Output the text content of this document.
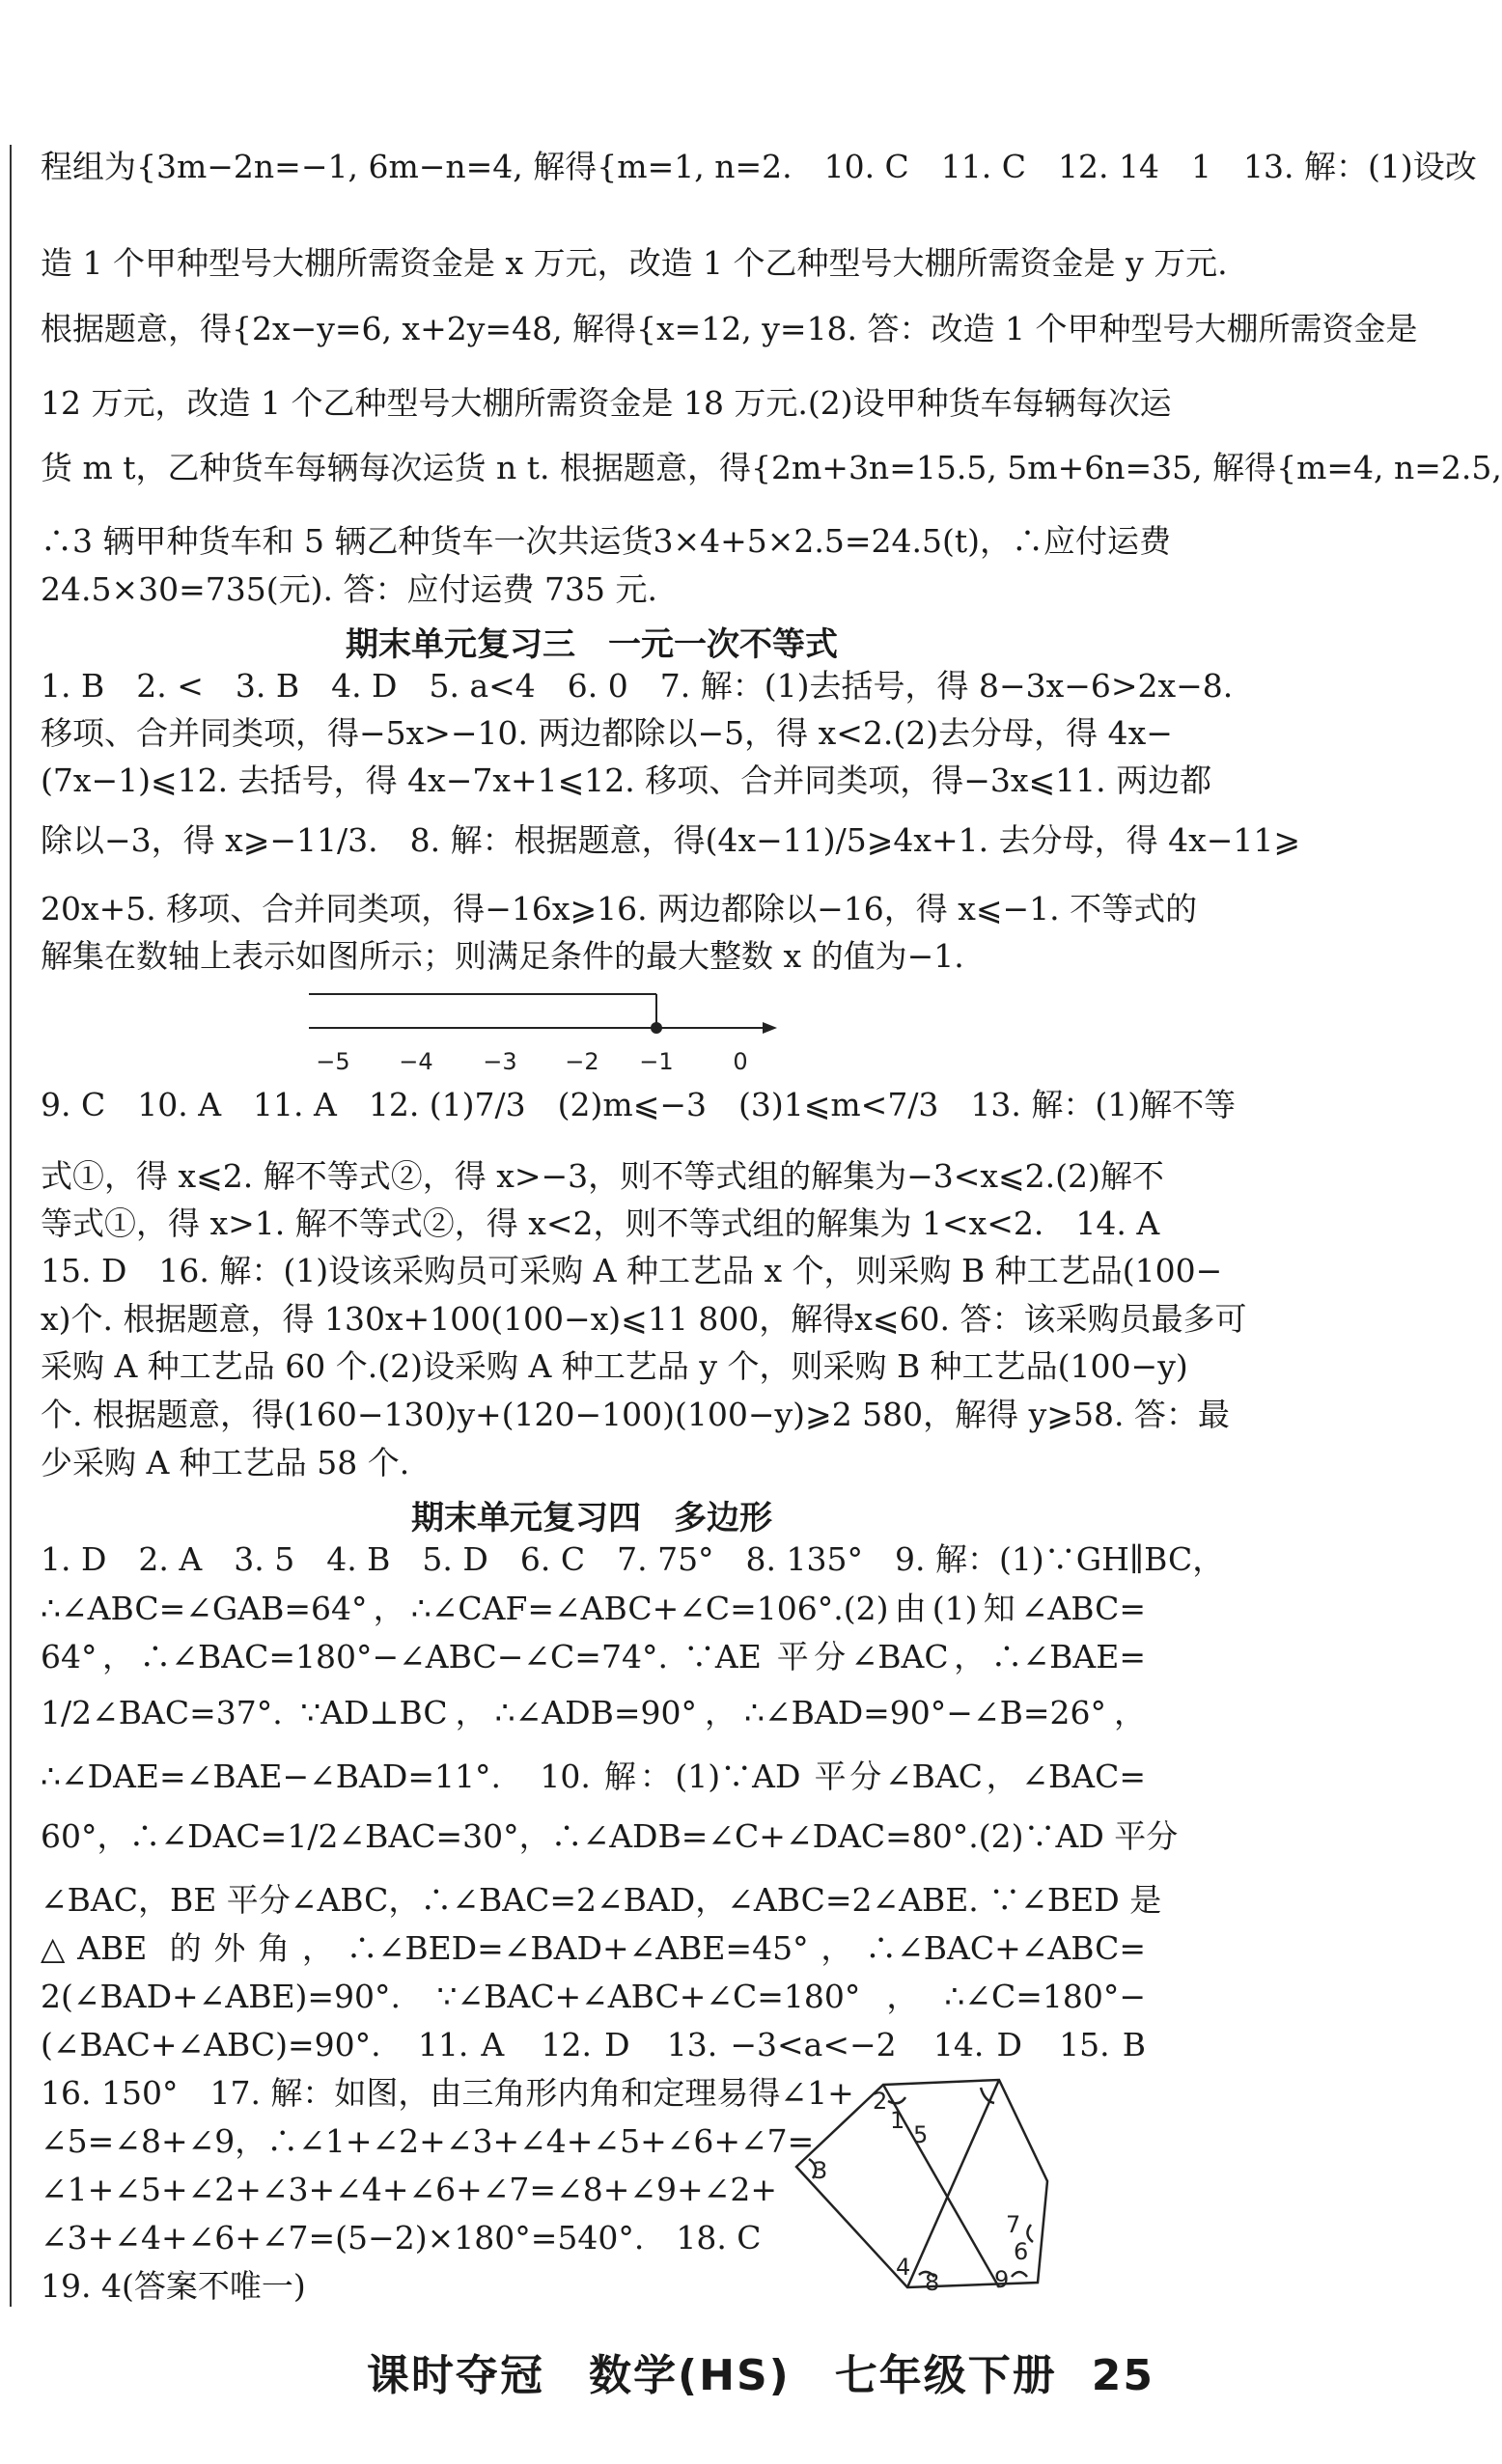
程组为{3m−2n=−1, 6m−n=4, 解得{m=1, n=2.　10. C　11. C　12. 14　1　13. 解：(1)设改
造 1 个甲种型号大棚所需资金是 x 万元，改造 1 个乙种型号大棚所需资金是 y 万元.
根据题意，得{2x−y=6, x+2y=48, 解得{x=12, y=18. 答：改造 1 个甲种型号大棚所需资金是
12 万元，改造 1 个乙种型号大棚所需资金是 18 万元.(2)设甲种货车每辆每次运
货 m t，乙种货车每辆每次运货 n t. 根据题意，得{2m+3n=15.5, 5m+6n=35, 解得{m=4, n=2.5,
∴3 辆甲种货车和 5 辆乙种货车一次共运货3×4+5×2.5=24.5(t)，∴应付运费
24.5×30=735(元). 答：应付运费 735 元.
期末单元复习三　一元一次不等式
1. B　2. <　3. B　4. D　5. a<4　6. 0　7. 解：(1)去括号，得 8−3x−6>2x−8.
移项、合并同类项，得−5x>−10. 两边都除以−5，得 x<2.(2)去分母，得 4x−
(7x−1)⩽12. 去括号，得 4x−7x+1⩽12. 移项、合并同类项，得−3x⩽11. 两边都
除以−3，得 x⩾−11/3.　8. 解：根据题意，得(4x−11)/5⩾4x+1. 去分母，得 4x−11⩾
20x+5. 移项、合并同类项，得−16x⩾16. 两边都除以−16，得 x⩽−1. 不等式的
解集在数轴上表示如图所示；则满足条件的最大整数 x 的值为−1.
−5 −4 −3 −2 −1	0
9. C　10. A　11. A　12. (1)7/3　(2)m⩽−3　(3)1⩽m<7/3　13. 解：(1)解不等
式①，得 x⩽2. 解不等式②，得 x>−3，则不等式组的解集为−3<x⩽2.(2)解不
等式①，得 x>1. 解不等式②，得 x<2，则不等式组的解集为 1<x<2.　14. A
15. D　16. 解：(1)设该采购员可采购 A 种工艺品 x 个，则采购 B 种工艺品(100−
x)个. 根据题意，得 130x+100(100−x)⩽11 800，解得x⩽60. 答：该采购员最多可
采购 A 种工艺品 60 个.(2)设采购 A 种工艺品 y 个，则采购 B 种工艺品(100−y)
个. 根据题意，得(160−130)y+(120−100)(100−y)⩾2 580，解得 y⩾58. 答：最
少采购 A 种工艺品 58 个.
期末单元复习四　多边形
1. D　2. A　3. 5　4. B　5. D　6. C　7. 75°　8. 135°　9. 解：(1)∵GH∥BC，
∴∠ABC=∠GAB=64°，∴∠CAF=∠ABC+∠C=106°.(2)由(1)知∠ABC=
64°，∴∠BAC=180°−∠ABC−∠C=74°. ∵AE 平分∠BAC，∴∠BAE=
1/2∠BAC=37°. ∵AD⊥BC，∴∠ADB=90°，∴∠BAD=90°−∠B=26°，
∴∠DAE=∠BAE−∠BAD=11°.　10. 解：(1)∵AD 平分∠BAC，∠BAC=
60°，∴∠DAC=1/2∠BAC=30°，∴∠ADB=∠C+∠DAC=80°.(2)∵AD 平分
∠BAC，BE 平分∠ABC，∴∠BAC=2∠BAD，∠ABC=2∠ABE. ∵∠BED 是
△ABE 的外角，∴∠BED=∠BAD+∠ABE=45°，∴∠BAC+∠ABC=
2(∠BAD+∠ABE)=90°. ∵∠BAC+∠ABC+∠C=180°，∴∠C=180°−
(∠BAC+∠ABC)=90°.　11. A　12. D　13. −3<a<−2　14. D　15. B
16. 150°　17. 解：如图，由三角形内角和定理易得∠1+
∠5=∠8+∠9，∴∠1+∠2+∠3+∠4+∠5+∠6+∠7=
∠1+∠5+∠2+∠3+∠4+∠6+∠7=∠8+∠9+∠2+
∠3+∠4+∠6+∠7=(5−2)×180°=540°.　18. C
19. 4(答案不唯一)
1
2
3
4
5
6
7
8 9
课时夺冠　数学(HS)　七年级下册 25
